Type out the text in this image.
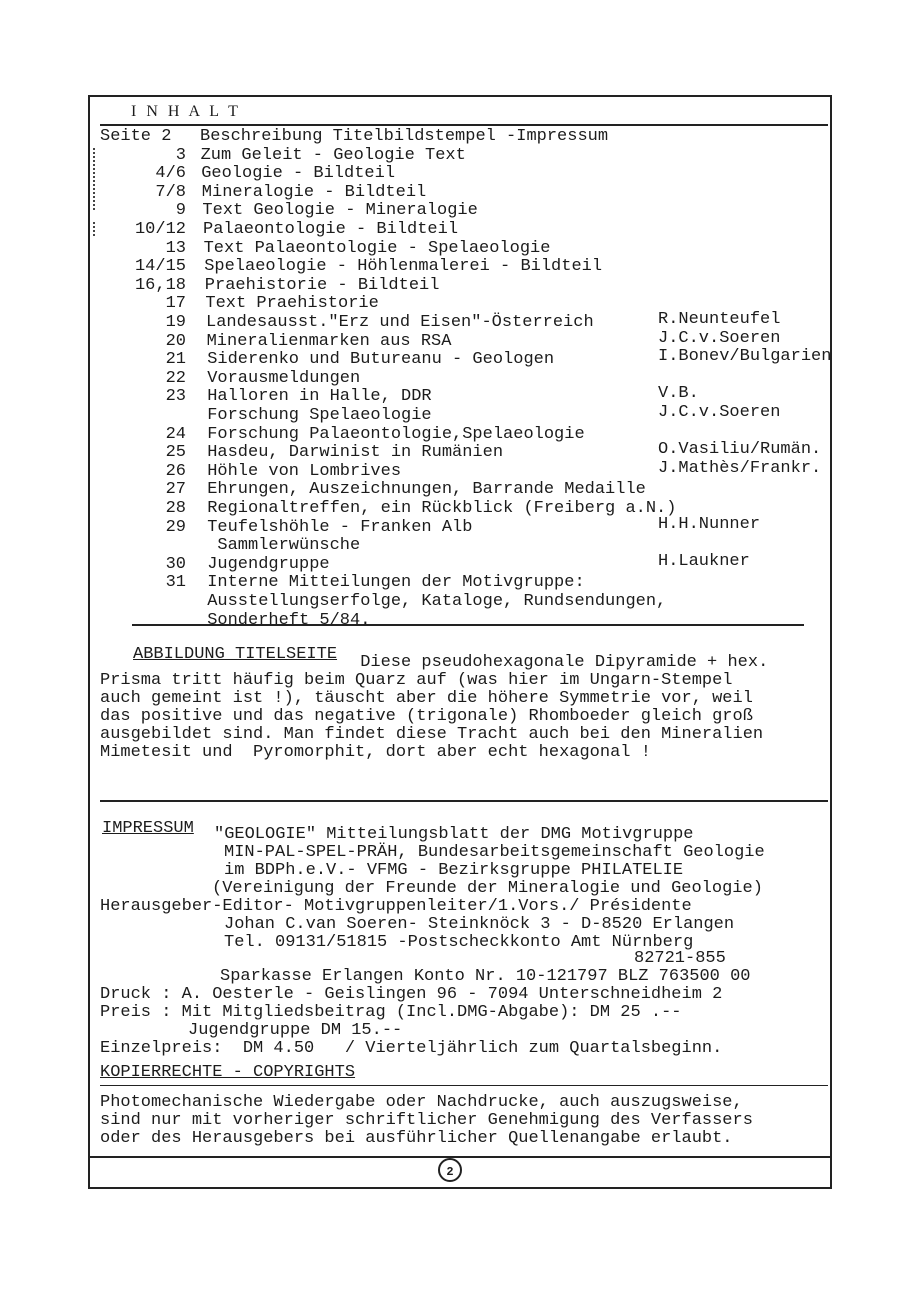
I N H A L T
Seite 2 Beschreibung Titelbildstempel -Impressum
3 Zum Geleit - Geologie Text
4/6 Geologie - Bildteil
7/8 Mineralogie - Bildteil
9 Text Geologie - Mineralogie
10/12 Palaeontologie - Bildteil
13 Text Palaeontologie - Spelaeologie
14/15 Spelaeologie - Höhlenmalerei - Bildteil
16,18 Praehistorie - Bildteil
17 Text Praehistorie
19 Landesausst."Erz und Eisen"-Österreich	R.Neunteufel
20 Mineralienmarken aus RSA	J.C.v.Soeren
21 Siderenko und Butureanu - Geologen	I.Bonev/Bulgarien
22 Vorausmeldungen
23 Halloren in Halle, DDR	V.B.
Forschung Spelaeologie	J.C.v.Soeren
24 Forschung Palaeontologie,Spelaeologie
25 Hasdeu, Darwinist in Rumänien	O.Vasiliu/Rumän.
26 Höhle von Lombrives	J.Mathès/Frankr.
27 Ehrungen, Auszeichnungen, Barrande Medaille
28 Regionaltreffen, ein Rückblick (Freiberg a.N.)
29 Teufelshöhle - Franken Alb	H.H.Nunner
Sammlerwünsche
30 Jugendgruppe	H.Laukner
31 Interne Mitteilungen der Motivgruppe:
Ausstellungserfolge, Kataloge, Rundsendungen,
Sonderheft 5/84.
ABBILDUNG TITELSEITE Diese pseudohexagonale Dipyramide + hex.
Prisma tritt häufig beim Quarz auf (was hier im Ungarn-Stempel
auch gemeint ist !), täuscht aber die höhere Symmetrie vor, weil
das positive und das negative (trigonale) Rhomboeder gleich groß
ausgebildet sind. Man findet diese Tracht auch bei den Mineralien
Mimetesit und  Pyromorphit, dort aber echt hexagonal !
IMPRESSUM "GEOLOGIE" Mitteilungsblatt der DMG Motivgruppe
MIN-PAL-SPEL-PRÄH, Bundesarbeitsgemeinschaft Geologie
im BDPh.e.V.- VFMG - Bezirksgruppe PHILATELIE
(Vereinigung der Freunde der Mineralogie und Geologie)
Herausgeber-Editor- Motivgruppenleiter/1.Vors./ Présidente
Johan C.van Soeren- Steinknöck 3 - D-8520 Erlangen
Tel. 09131/51815 -Postscheckkonto Amt Nürnberg
82721-855
Sparkasse Erlangen Konto Nr. 10-121797 BLZ 763500 00
Druck : A. Oesterle - Geislingen 96 - 7094 Unterschneidheim 2
Preis : Mit Mitgliedsbeitrag (Incl.DMG-Abgabe): DM 25 .--
Jugendgruppe DM 15.--
Einzelpreis:  DM 4.50   / Vierteljährlich zum Quartalsbeginn.
KOPIERRECHTE - COPYRIGHTS
Photomechanische Wiedergabe oder Nachdrucke, auch auszugsweise,
sind nur mit vorheriger schriftlicher Genehmigung des Verfassers
oder des Herausgebers bei ausführlicher Quellenangabe erlaubt.
2
